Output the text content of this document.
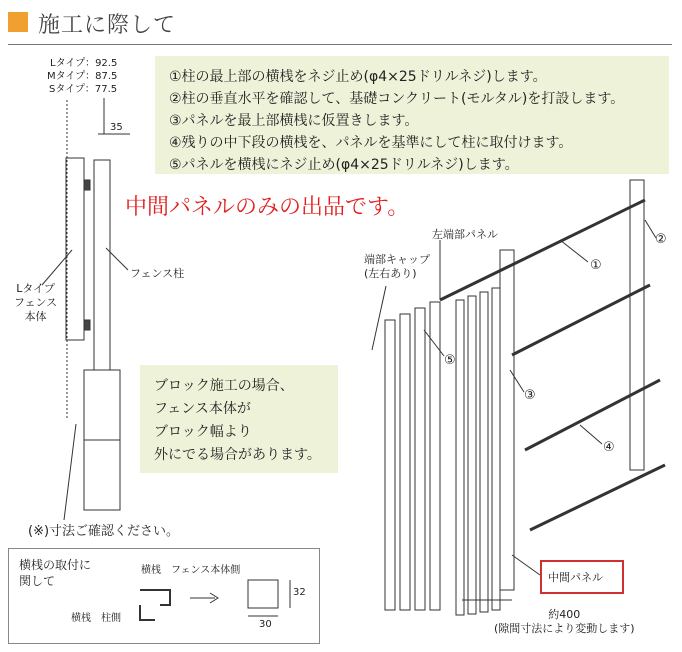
施工に際して
①柱の最上部の横桟をネジ止め(φ4×25ドリルネジ)します。
②柱の垂直水平を確認して、基礎コンクリート(モルタル)を打設します。
③パネルを最上部横桟に仮置きします。
④残りの中下段の横桟を、パネルを基準にして柱に取付けます。
⑤パネルを横桟にネジ止め(φ4×25ドリルネジ)します。
中間パネルのみの出品です。
Lタイプ：92.5
Mタイプ：87.5
Sタイプ：77.5
35
フェンス柱
Lタイプ
フェンス
本体
ブロック施工の場合、
フェンス本体が
ブロック幅より
外にでる場合があります。
(※)寸法ご確認ください。
横桟の取付に
関して
横桟　フェンス本体側
横桟　柱側
32
30
左端部パネル
端部キャップ
(左右あり)
①
②
③
④
⑤
中間パネル
約400
(隙間寸法により変動します)
